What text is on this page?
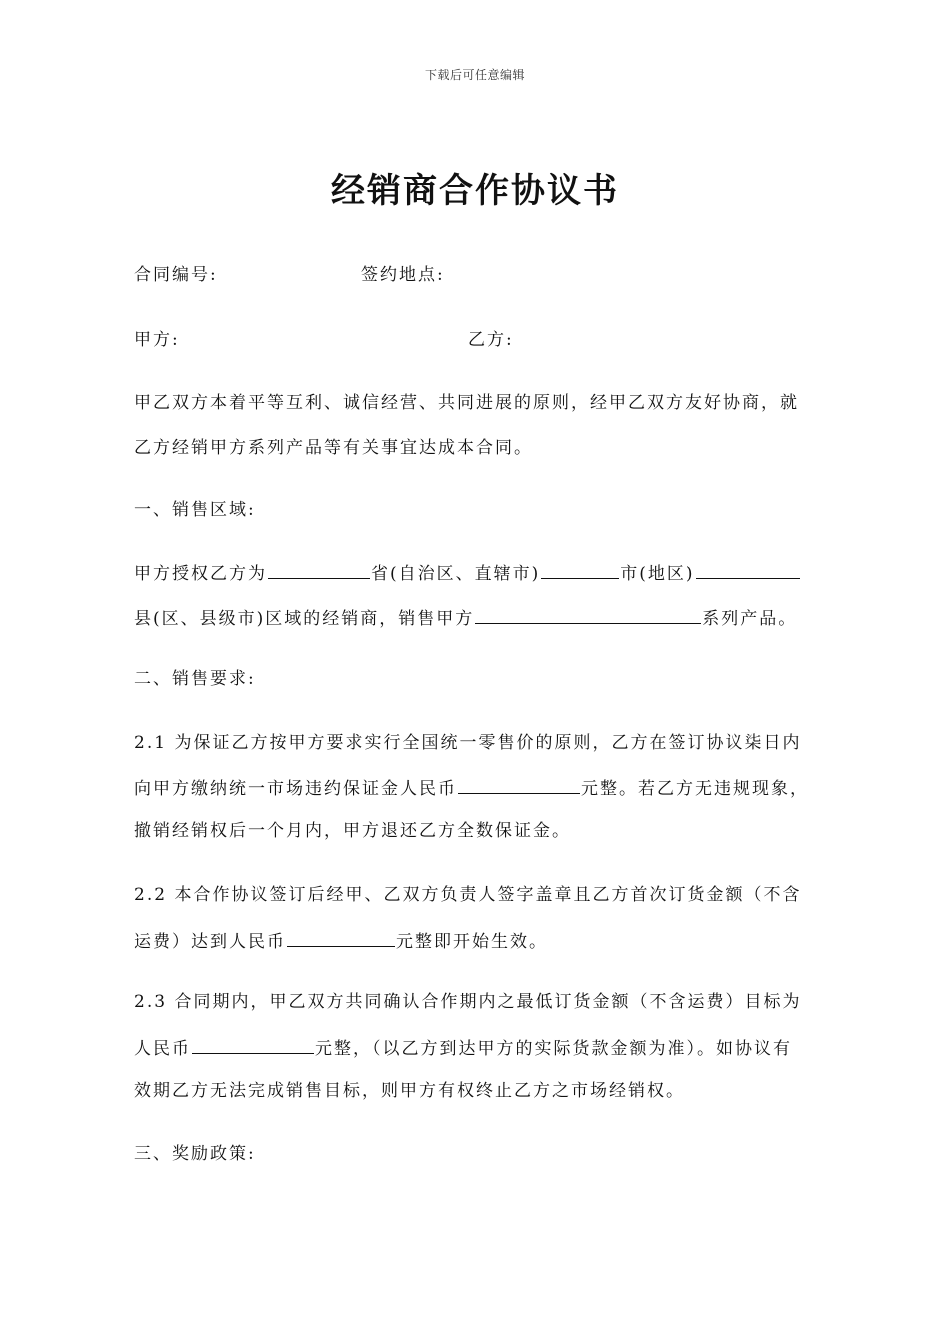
下载后可任意编辑
经销商合作协议书
合同编号:	签约地点:
甲方:	乙方:
甲乙双方本着平等互利、诚信经营、共同进展的原则，经甲乙双方友好协商，就
乙方经销甲方系列产品等有关事宜达成本合同。
一、销售区域:
甲方授权乙方为	省(自治区、直辖市)	市(地区)
县(区、县级市)区域的经销商，销售甲方	系列产品。
二、销售要求:
2.1 为保证乙方按甲方要求实行全国统一零售价的原则，乙方在签订协议柒日内
向甲方缴纳统一市场违约保证金人民币	元整。若乙方无违规现象，
撤销经销权后一个月内，甲方退还乙方全数保证金。
2.2 本合作协议签订后经甲、乙双方负责人签字盖章且乙方首次订货金额（不含
运费）达到人民币	元整即开始生效。
2.3 合同期内，甲乙双方共同确认合作期内之最低订货金额（不含运费）目标为
人民币	元整，（以乙方到达甲方的实际货款金额为准）。如协议有
效期乙方无法完成销售目标，则甲方有权终止乙方之市场经销权。
三、奖励政策:
